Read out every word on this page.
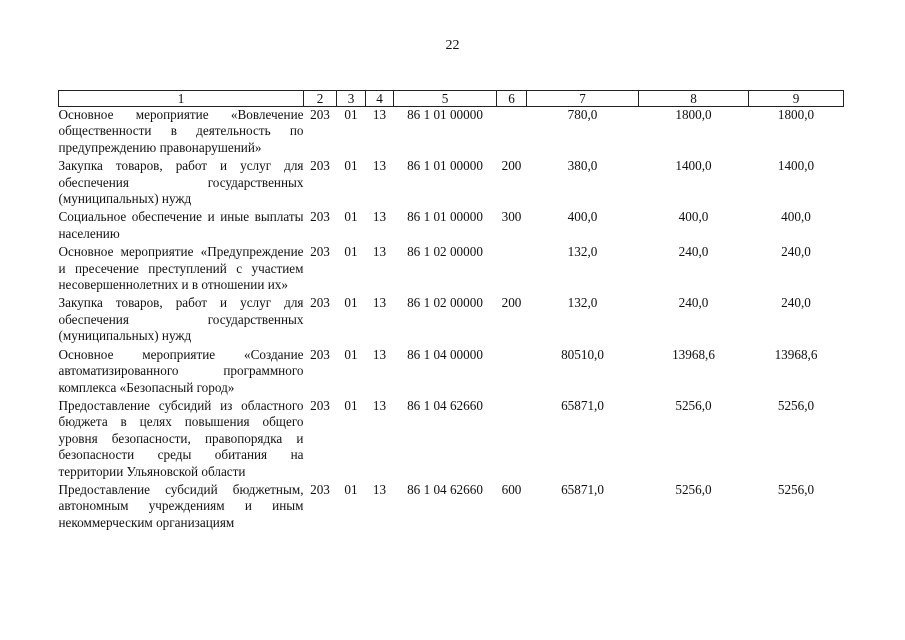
22
1	2	3	4	5	6	7	8	9
Основное мероприятие «Вовлечение общественности в деятельность по предупреждению правонарушений»	203	01	13	86 1 01 00000		780,0	1800,0	1800,0
Закупка товаров, работ и услуг для обеспечения государственных (муниципальных) нужд	203	01	13	86 1 01 00000	200	380,0	1400,0	1400,0
Социальное обеспечение и иные выплаты населению	203	01	13	86 1 01 00000	300	400,0	400,0	400,0
Основное мероприятие «Предупреждение и пресечение преступлений с участием несовершеннолетних и в отношении их»	203	01	13	86 1 02 00000		132,0	240,0	240,0
Закупка товаров, работ и услуг для обеспечения государственных (муниципальных) нужд	203	01	13	86 1 02 00000	200	132,0	240,0	240,0
Основное мероприятие «Создание автоматизированного программного комплекса «Безопасный город»	203	01	13	86 1 04 00000		80510,0	13968,6	13968,6
Предоставление субсидий из областного бюджета в целях повышения общего уровня безопасности, правопорядка и безопасности среды обитания на территории Ульяновской области	203	01	13	86 1 04 62660		65871,0	5256,0	5256,0
Предоставление субсидий бюджетным, автономным учреждениям и иным некоммерческим организациям	203	01	13	86 1 04 62660	600	65871,0	5256,0	5256,0
